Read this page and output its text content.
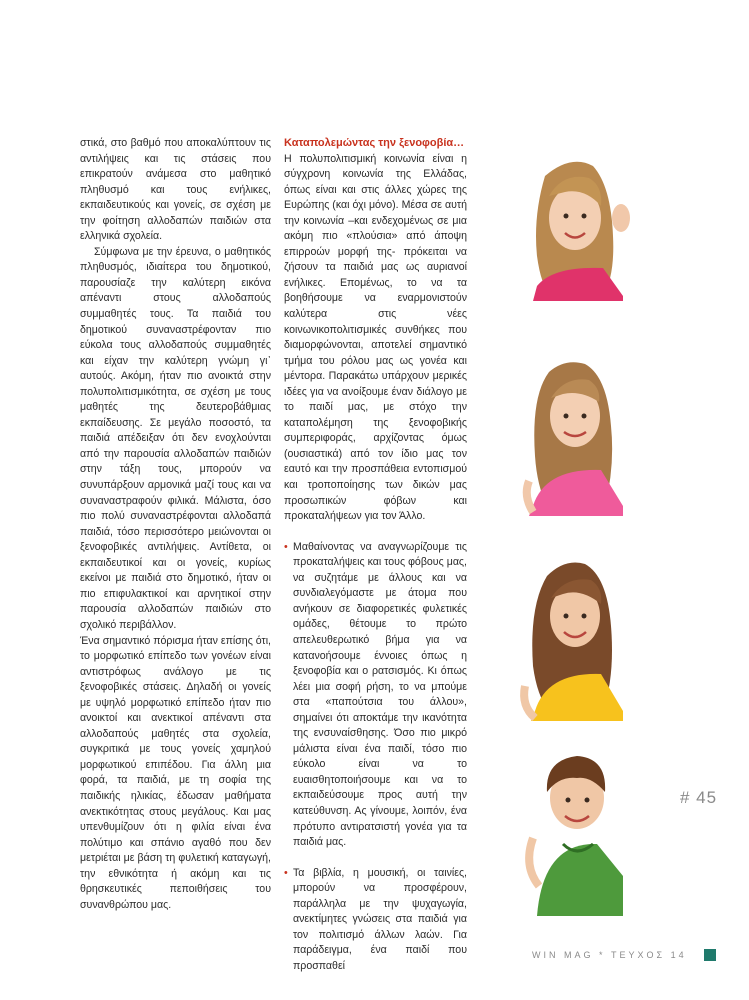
στικά, στο βαθμό που αποκαλύπτουν τις αντιλήψεις και τις στάσεις που επικρατούν ανάμεσα στο μαθητικό πληθυσμό και τους ενήλικες, εκπαιδευτικούς και γονείς, σε σχέση με την φοίτηση αλλοδαπών παιδιών στα ελληνικά σχολεία.

Σύμφωνα με την έρευνα, ο μαθητικός πληθυσμός, ιδιαίτερα του δημοτικού, παρουσίαζε την καλύτερη εικόνα απέναντι στους αλλοδαπούς συμμαθητές τους. Τα παιδιά του δημοτικού συναναστρέφονταν πιο εύκολα τους αλλοδαπούς συμμαθητές και είχαν την καλύτερη γνώμη γι᾽ αυτούς. Ακόμη, ήταν πιο ανοικτά στην πολυπολιτισμικότητα, σε σχέση με τους μαθητές της δευτεροβάθμιας εκπαίδευσης. Σε μεγάλο ποσοστό, τα παιδιά απέδειξαν ότι δεν ενοχλούνται από την παρουσία αλλοδαπών παιδιών στην τάξη τους, μπορούν να συνυπάρξουν αρμονικά μαζί τους και να συναναστραφούν φιλικά. Μάλιστα, όσο πιο πολύ συναναστρέφονται αλλοδαπά παιδιά, τόσο περισσότερο μειώνονται οι ξενοφοβικές αντιλήψεις. Αντίθετα, οι εκπαιδευτικοί και οι γονείς, κυρίως εκείνοι με παιδιά στο δημοτικό, ήταν οι πιο επιφυλακτικοί και αρνητικοί στην παρουσία αλλοδαπών παιδιών στο σχολικό περιβάλλον.

Ένα σημαντικό πόρισμα ήταν επίσης ότι, το μορφωτικό επίπεδο των γονέων είναι αντιστρόφως ανάλογο με τις ξενοφοβικές στάσεις. Δηλαδή οι γονείς με υψηλό μορφωτικό επίπεδο ήταν πιο ανοικτοί και ανεκτικοί απέναντι στα αλλοδαπούς μαθητές στα σχολεία, συγκριτικά με τους γονείς χαμηλού μορφωτικού επιπέδου. Για άλλη μια φορά, τα παιδιά, με τη σοφία της παιδικής ηλικίας, έδωσαν μαθήματα ανεκτικότητας στους μεγάλους. Και μας υπενθυμίζουν ότι η φιλία είναι ένα πολύτιμο και σπάνιο αγαθό που δεν μετριέται με βάση τη φυλετική καταγωγή, την εθνικότητα ή ακόμη και τις θρησκευτικές πεποιθήσεις του συνανθρώπου μας.

Καταπολεμώντας την ξενοφοβία…

Η πολυπολιτισμική κοινωνία είναι η σύγχρονη κοινωνία της Ελλάδας, όπως είναι και στις άλλες χώρες της Ευρώπης (και όχι μόνο). Μέσα σε αυτή την κοινωνία –και ενδεχομένως σε μια ακόμη πιο «πλούσια» από άποψη επιρροών μορφή της- πρόκειται να ζήσουν τα παιδιά μας ως αυριανοί ενήλικες. Επομένως, το να τα βοηθήσουμε να εναρμονιστούν καλύτερα στις νέες κοινωνικοπολιτισμικές συνθήκες που διαμορφώνονται, αποτελεί σημαντικό τμήμα του ρόλου μας ως γονέα και μέντορα. Παρακάτω υπάρχουν μερικές ιδέες για να ανοίξουμε έναν διάλογο με το παιδί μας, με στόχο την καταπολέμηση της ξενοφοβικής συμπεριφοράς, αρχίζοντας όμως (ουσιαστικά) από τον ίδιο μας τον εαυτό και την προσπάθεια εντοπισμού και τροποποίησης των δικών μας προσωπικών φόβων και προκαταλήψεων για τον Άλλο.

• Μαθαίνοντας να αναγνωρίζουμε τις προκαταλήψεις και τους φόβους μας, να συζητάμε με άλλους και να συνδιαλεγόμαστε με άτομα που ανήκουν σε διαφορετικές φυλετικές ομάδες, θέτουμε το πρώτο απελευθερωτικό βήμα για να κατανοήσουμε έννοιες όπως η ξενοφοβία και ο ρατσισμός. Κι όπως λέει μια σοφή ρήση, το να μπούμε στα «παπούτσια του άλλου», σημαίνει ότι αποκτάμε την ικανότητα της ενσυναίσθησης. Όσο πιο μικρό μάλιστα είναι ένα παιδί, τόσο πιο εύκολο είναι να το ευαισθητοποιήσουμε και να το εκπαιδεύσουμε προς αυτή την κατεύθυνση. Ας γίνουμε, λοιπόν, ένα πρότυπο αντιρατσιστή γονέα για τα παιδιά μας.

• Τα βιβλία, η μουσική, οι ταινίες, μπορούν να προσφέρουν, παράλληλα με την ψυχαγωγία, ανεκτίμητες γνώσεις στα παιδιά για τον πολιτισμό άλλων λαών. Για παράδειγμα, ένα παιδί που προσπαθεί

# 45
WIN MAG * ΤΕΥΧΟΣ 14
